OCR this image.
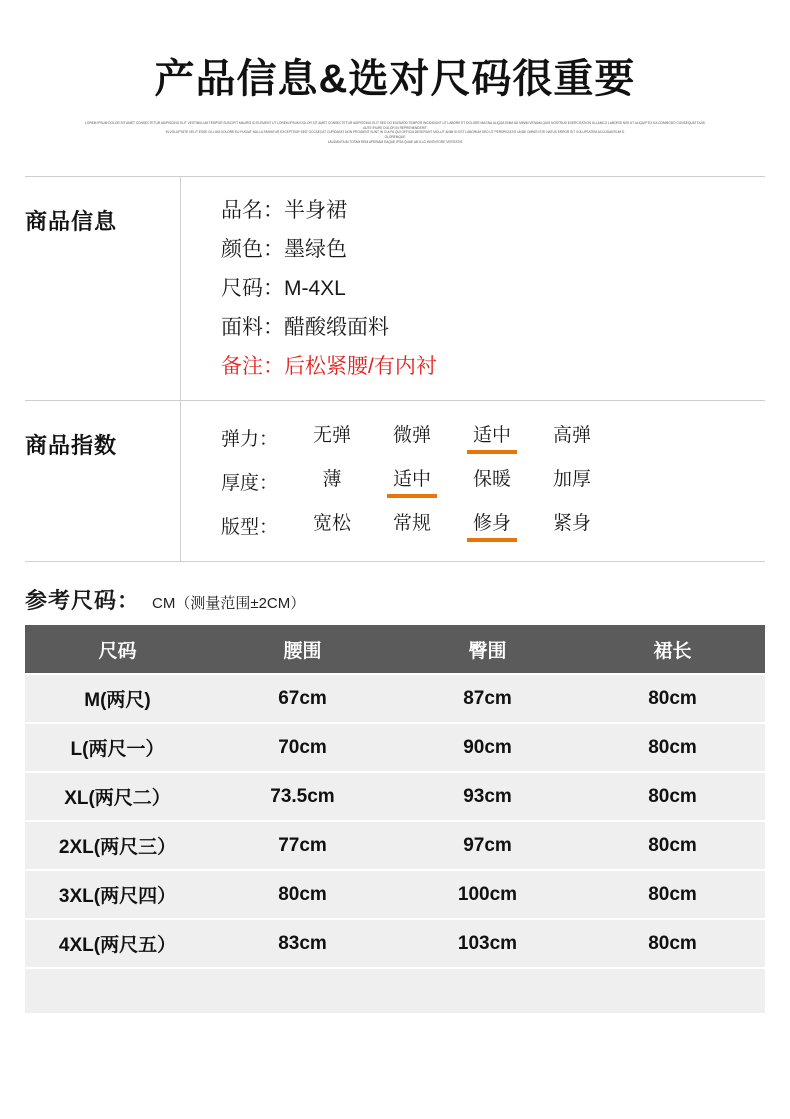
产品信息&选对尺码很重要
LOREM IPSUM DOLOR SIT AMET CONSECTETUR ADIPISCING ELIT VESTIBULUM TEMPOR SUSCIPIT MAURIS ID ELEMENT UT LOREM IPSUM DOLOR SIT AMET CONSECTETUR ADIPISCING ELIT SED DO EIUSMOD TEMPOR INCIDIDUNT UT LABORE ET DOLORE MAGNA ALIQUA ENIM AD MINIM VENIAM QUIS NOSTRUD EXERCITATION ULLAMCO LABORIS NISI UT ALIQUIP EX EA COMMODO CONSEQUAT DUIS AUTE IRURE DOLOR IN REPREHENDERIT
IN VOLUPTATE VELIT ESSE CILLUM DOLORE EU FUGIAT NULLA PARIATUR EXCEPTEUR SINT OCCAECAT CUPIDATAT NON PROIDENT SUNT IN CULPA QUI OFFICIA DESERUNT MOLLIT ANIM ID EST LABORUM SED UT PERSPICIATIS UNDE OMNIS ISTE NATUS ERROR SIT VOLUPTATEM ACCUSANTIUM DOLOREMQUE
LAUDANTIUM TOTAM REM APERIAM EAQUE IPSA QUAE AB ILLO INVENTORE VERITATIS
商品信息	品名：半身裙
颜色：墨绿色
尺码：M-4XL
面料：醋酸缎面料
备注：后松紧腰/有内衬
商品指数	弹力：	无弹	微弹	适中	高弹
厚度：	薄	适中	保暖	加厚
版型：	宽松	常规	修身	紧身
参考尺码： CM（测量范围±2CM）
尺码	腰围	臀围	裙长
M(两尺)	67cm	87cm	80cm
L(两尺一）	70cm	90cm	80cm
XL(两尺二）	73.5cm	93cm	80cm
2XL(两尺三）	77cm	97cm	80cm
3XL(两尺四）	80cm	100cm	80cm
4XL(两尺五）	83cm	103cm	80cm
